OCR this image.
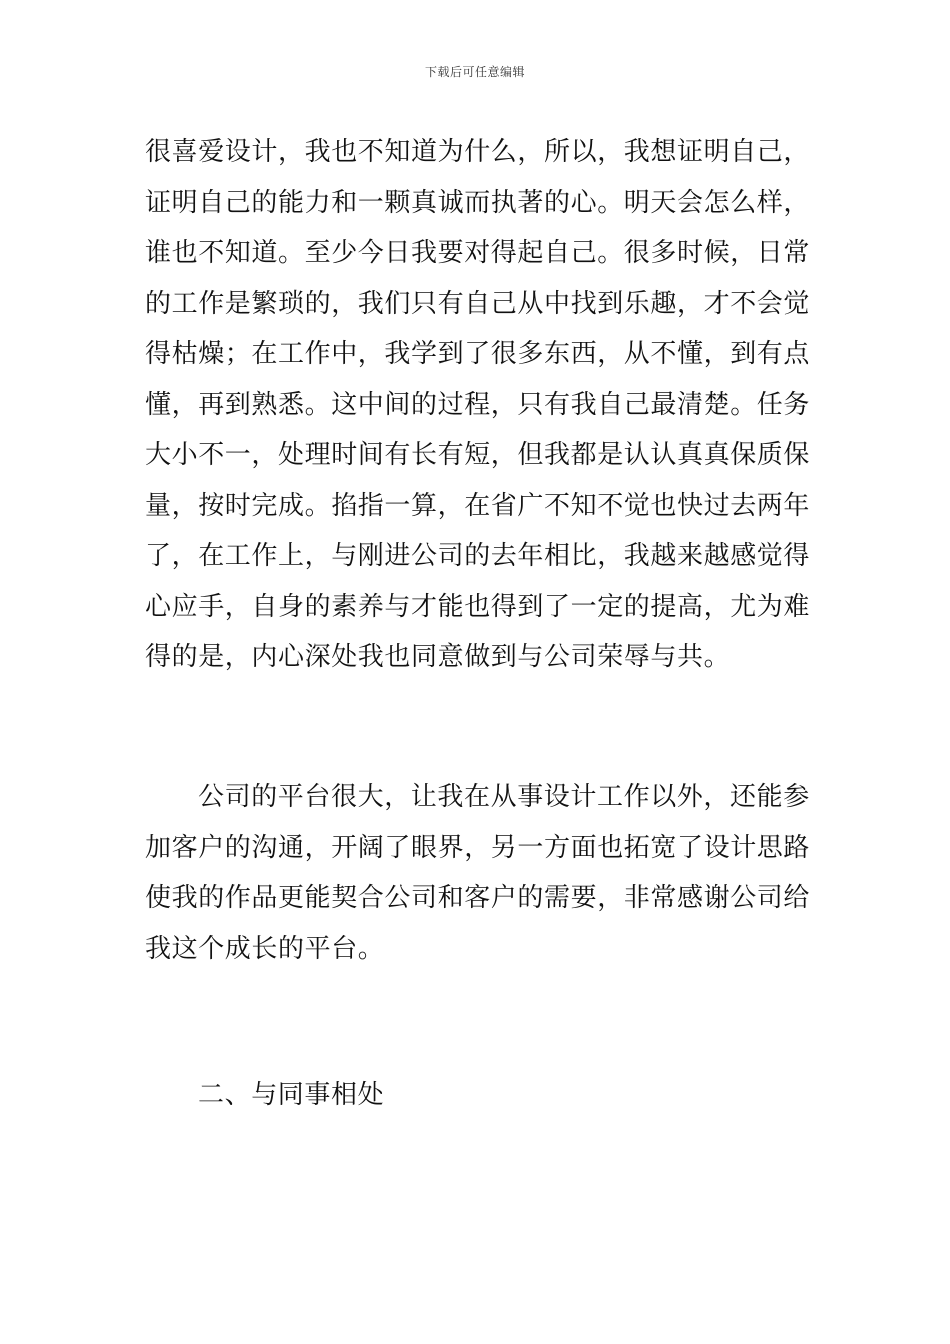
下载后可任意编辑
很喜爱设计，我也不知道为什么，所以，我想证明自己，
证明自己的能力和一颗真诚而执著的心。明天会怎么样，
谁也不知道。至少今日我要对得起自己。很多时候，日常
的工作是繁琐的，我们只有自己从中找到乐趣，才不会觉
得枯燥；在工作中，我学到了很多东西，从不懂，到有点
懂，再到熟悉。这中间的过程，只有我自己最清楚。任务
大小不一，处理时间有长有短，但我都是认认真真保质保
量，按时完成。掐指一算，在省广不知不觉也快过去两年
了，在工作上，与刚进公司的去年相比，我越来越感觉得
心应手，自身的素养与才能也得到了一定的提高，尤为难
得的是，内心深处我也同意做到与公司荣辱与共。
公司的平台很大，让我在从事设计工作以外，还能参
加客户的沟通，开阔了眼界，另一方面也拓宽了设计思路
使我的作品更能契合公司和客户的需要，非常感谢公司给
我这个成长的平台。
二、与同事相处
